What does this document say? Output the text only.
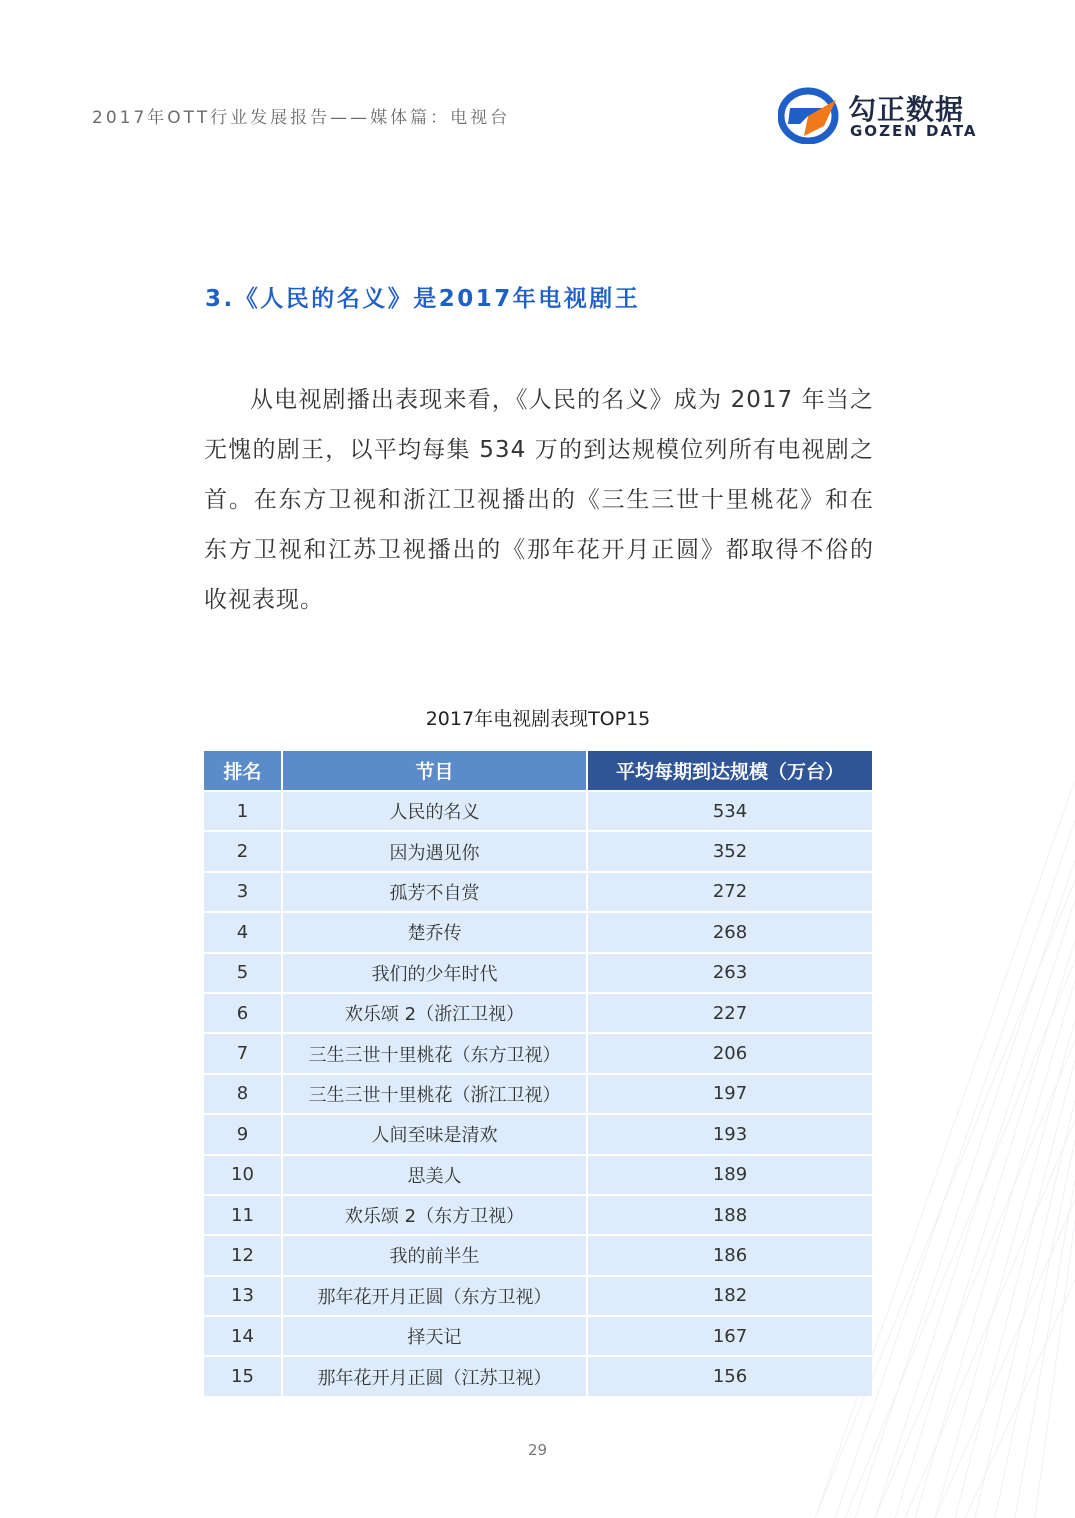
2017年OTT行业发展报告——媒体篇：电视台	勾正数据
GOZEN DATA
3.《人民的名义》是2017年电视剧王
从电视剧播出表现来看，《人民的名义》成为 2017 年当之无愧的剧王，以平均每集 534 万的到达规模位列所有电视剧之首。在东方卫视和浙江卫视播出的《三生三世十里桃花》和在东方卫视和江苏卫视播出的《那年花开月正圆》都取得不俗的收视表现。
2017年电视剧表现TOP15
排名	节目	平均每期到达规模（万台）
1	人民的名义	534
2	因为遇见你	352
3	孤芳不自赏	272
4	楚乔传	268
5	我们的少年时代	263
6	欢乐颂 2（浙江卫视）	227
7	三生三世十里桃花（东方卫视）	206
8	三生三世十里桃花（浙江卫视）	197
9	人间至味是清欢	193
10	思美人	189
11	欢乐颂 2（东方卫视）	188
12	我的前半生	186
13	那年花开月正圆（东方卫视）	182
14	择天记	167
15	那年花开月正圆（江苏卫视）	156
29
